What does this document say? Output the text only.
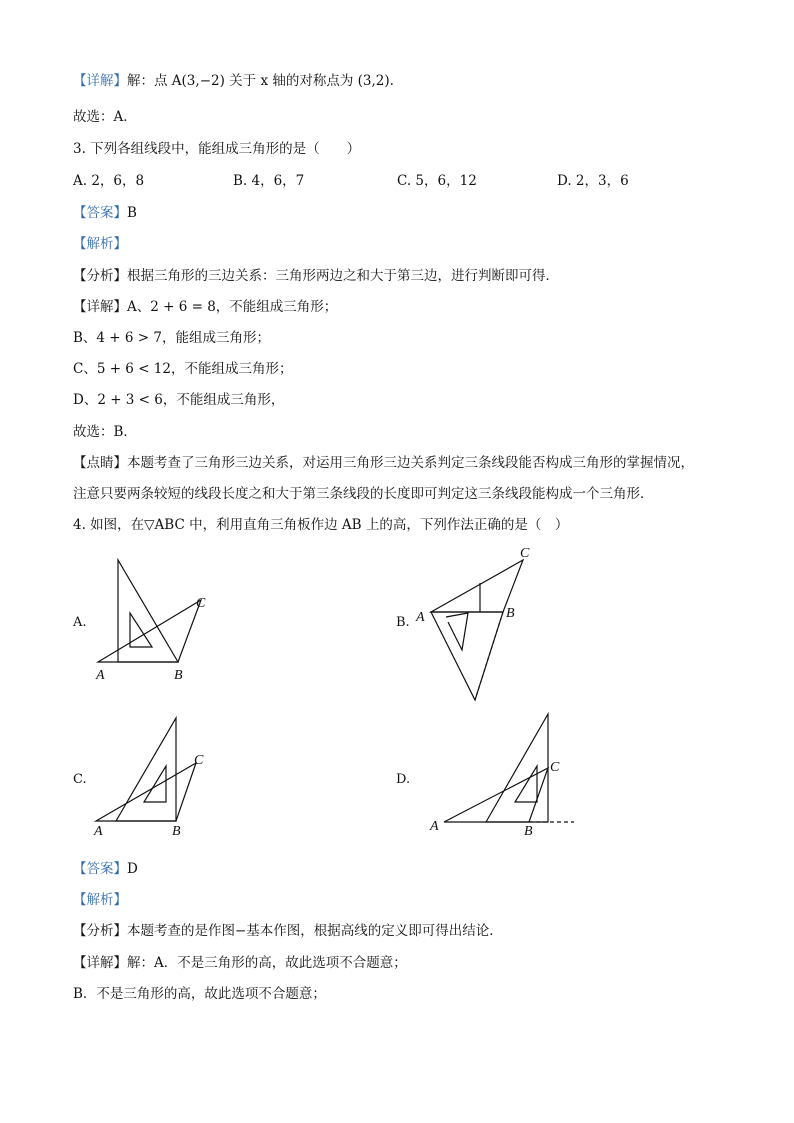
【详解】解：点 A(3,−2) 关于 x 轴的对称点为 (3,2).
故选：A．
3. 下列各组线段中，能组成三角形的是（　　）
A. 2，6，8	B. 4，6，7	C. 5，6，12	D. 2，3，6
【答案】B
【解析】
【分析】根据三角形的三边关系：三角形两边之和大于第三边，进行判断即可得．
【详解】A、2 + 6 = 8，不能组成三角形；
B、4 + 6 > 7，能组成三角形；
C、5 + 6 < 12，不能组成三角形；
D、2 + 3 < 6，不能组成三角形，
故选：B．
【点睛】本题考查了三角形三边关系，对运用三角形三边关系判定三条线段能否构成三角形的掌握情况，
注意只要两条较短的线段长度之和大于第三条线段的长度即可判定这三条线段能构成一个三角形．
4. 如图，在▽ABC 中，利用直角三角板作边 AB 上的高，下列作法正确的是（　）
A.
A	B
C
B. A	B
C
C.
A	B
C
D.
A	B
C
【答案】D
【解析】
【分析】本题考查的是作图−基本作图，根据高线的定义即可得出结论．
【详解】解：A．不是三角形的高，故此选项不合题意；
B．不是三角形的高，故此选项不合题意；
